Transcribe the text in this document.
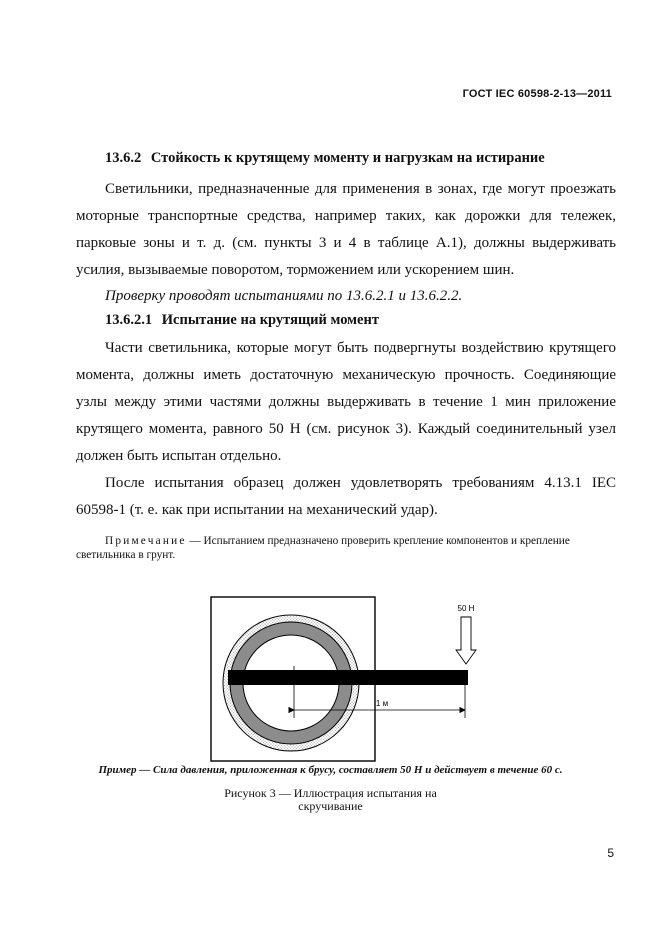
ГОСТ IEC 60598-2-13—2011

13.6.2 Стойкость к крутящему моменту и нагрузкам на истирание

Светильники, предназначенные для применения в зонах, где могут проезжать моторные транспортные средства, например таких, как дорожки для тележек, парковые зоны и т. д. (см. пункты 3 и 4 в таблице А.1), должны выдерживать усилия, вызываемые поворотом, торможением или ускорением шин.

Проверку проводят испытаниями по 13.6.2.1 и 13.6.2.2.

13.6.2.1 Испытание на крутящий момент

Части светильника, которые могут быть подвергнуты воздействию крутящего момента, должны иметь достаточную механическую прочность. Соединяющие узлы между этими частями должны выдерживать в течение 1 мин приложение крутящего момента, равного 50 Н (см. рисунок 3). Каждый соединительный узел должен быть испытан отдельно.

После испытания образец должен удовлетворять требованиям 4.13.1 IEC 60598-1 (т. е. как при испытании на механический удар).

Примечание — Испытанием предназначено проверить крепление компонентов и крепление светильника в грунт.

1 м
50 Н
Пример — Сила давления, приложенная к брусу, составляет 50 Н и действует в течение 60 с.
Рисунок 3 — Иллюстрация испытания на
скручивание
5
